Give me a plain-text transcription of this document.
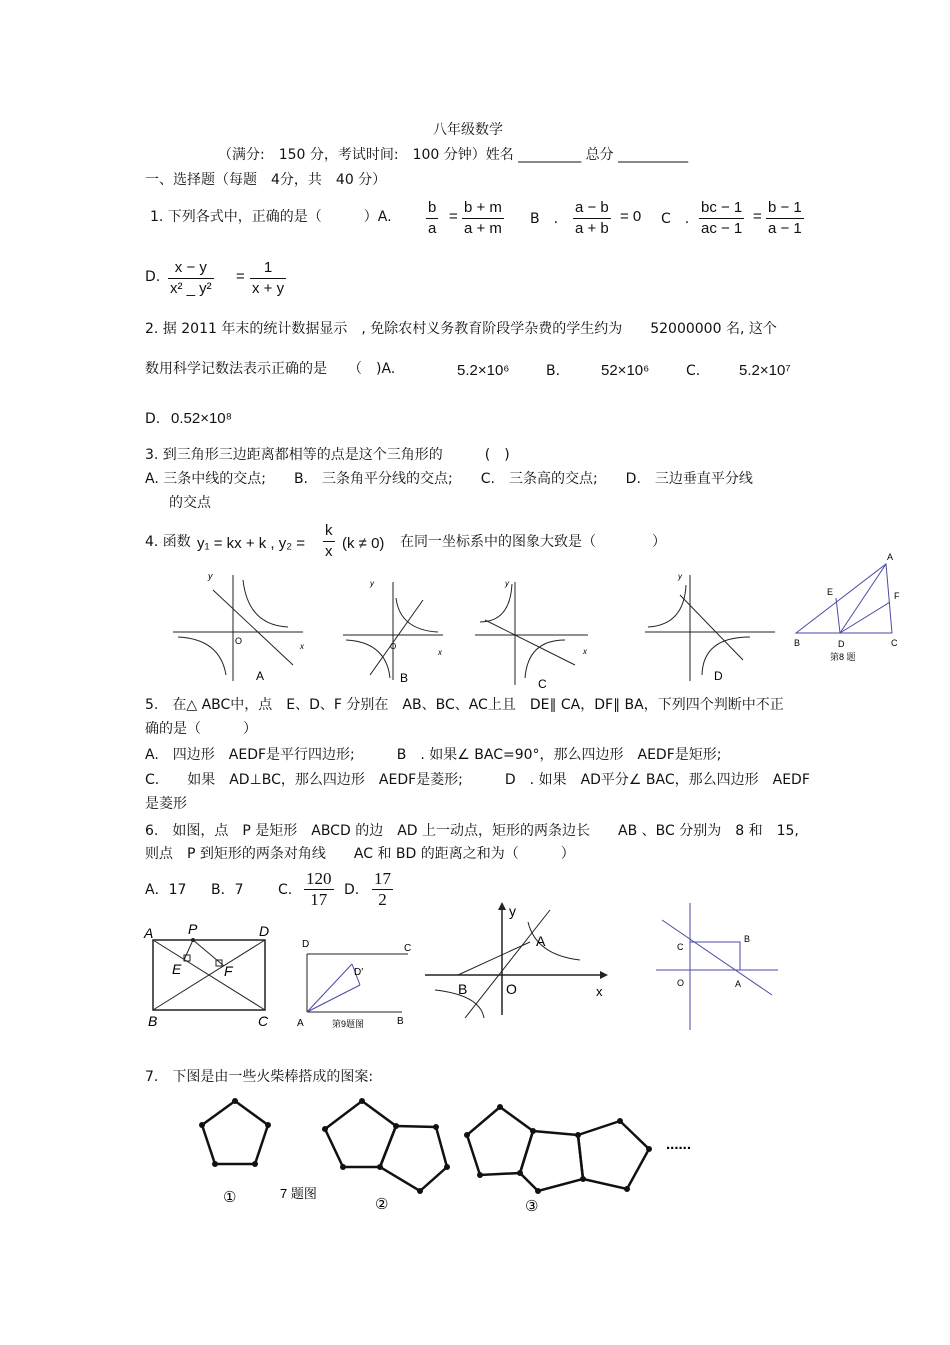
八年级数学
（满分:　150 分，考试时间:　100 分钟）姓名 _________ 总分 __________
一、选择题（每题　4分，共　40 分）
1. 下列各式中，正确的是（　　　）A. $\frac{b}{a} = \frac{b + m}{a + m}$ B　. $\frac{a - b}{a + b} = 0$ C　. $\frac{bc - 1}{ac - 1} = \frac{b - 1}{a - 1}$
D. $\frac{x - y}{\text{x² \_ y²}} = \frac{1}{x + y}$
2. 据 2011 年末的统计数据显示　, 免除农村义务教育阶段学杂费的学生约为　　52000000 名, 这个
数用科学记数法表示正确的是　　（　)A.	5.2×10⁶	B.	52×10⁶	C.	5.2×10⁷
D. 0.52×10⁸
3. 到三角形三边距离都相等的点是这个三角形的　　　(　)
A. 三条中线的交点;　　B.　三条角平分线的交点;　　C.　三条高的交点;　　D.　三边垂直平分线
的交点
4. 函数 y₁ = kx + k , $y_2 = \frac{k}{x} (k \ne 0)$ 在同一坐标系中的图象大致是（　　　　）
y
x
O
A
y
x
O
B
y
x
C
y
D
A
B	C
D
E	F
第8 题
5.　在△ ABC中，点　E、D、F 分别在　AB、BC、AC上且　DE∥ CA，DF∥ BA，下列四个判断中不正
确的是（　　　）
A.　四边形　AEDF是平行四边形;　　　B　. 如果∠ BAC=90°，那么四边形　AEDF是矩形;
C.　　如果　AD⊥BC，那么四边形　AEDF是菱形;　　　D　. 如果　AD平分∠ BAC，那么四边形　AEDF
是菱形
6.　如图，点　P 是矩形　ABCD 的边　AD 上一动点，矩形的两条边长　　AB 、BC 分别为　8 和　15,
则点　P 到矩形的两条对角线　　AC 和 BD 的距离之和为（　　　）
A．17 B．7 C. $\frac{120}{17} D$. $\frac{17}{2}$
A P	D
E	F
B	C
D	C
D′
A	B
第9题图
y
A
B	O	x
C
B
O	A
7.　下图是由一些火柴棒搭成的图案:
①	7 题图
②	③
......
